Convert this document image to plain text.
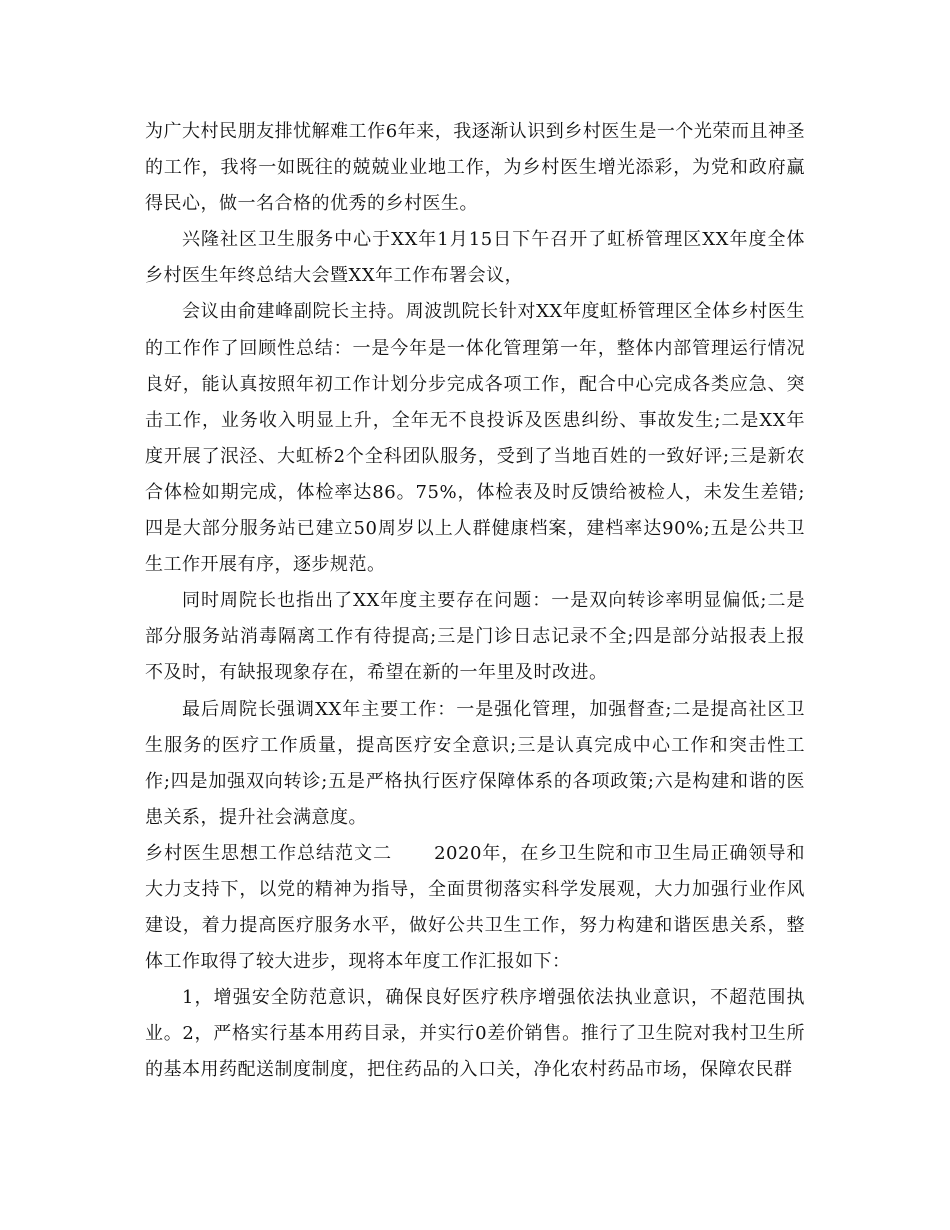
为广大村民朋友排忧解难工作6年来，我逐渐认识到乡村医生是一个光荣而且神圣的工作，我将一如既往的兢兢业业地工作，为乡村医生增光添彩，为党和政府赢得民心，做一名合格的优秀的乡村医生。

兴隆社区卫生服务中心于XX年1月15日下午召开了虹桥管理区XX年度全体乡村医生年终总结大会暨XX年工作布署会议，

会议由俞建峰副院长主持。周波凯院长针对XX年度虹桥管理区全体乡村医生的工作作了回顾性总结：一是今年是一体化管理第一年，整体内部管理运行情况良好，能认真按照年初工作计划分步完成各项工作，配合中心完成各类应急、突击工作，业务收入明显上升，全年无不良投诉及医患纠纷、事故发生;二是XX年度开展了泯泾、大虹桥2个全科团队服务，受到了当地百姓的一致好评;三是新农合体检如期完成，体检率达86。75%，体检表及时反馈给被检人，未发生差错;四是大部分服务站已建立50周岁以上人群健康档案，建档率达90%;五是公共卫生工作开展有序，逐步规范。

同时周院长也指出了XX年度主要存在问题：一是双向转诊率明显偏低;二是部分服务站消毒隔离工作有待提高;三是门诊日志记录不全;四是部分站报表上报不及时，有缺报现象存在，希望在新的一年里及时改进。

最后周院长强调XX年主要工作：一是强化管理，加强督查;二是提高社区卫生服务的医疗工作质量，提高医疗安全意识;三是认真完成中心工作和突击性工作;四是加强双向转诊;五是严格执行医疗保障体系的各项政策;六是构建和谐的医患关系，提升社会满意度。

乡村医生思想工作总结范文二 2020年，在乡卫生院和市卫生局正确领导和大力支持下，以党的精神为指导，全面贯彻落实科学发展观，大力加强行业作风建设，着力提高医疗服务水平，做好公共卫生工作，努力构建和谐医患关系，整体工作取得了较大进步，现将本年度工作汇报如下：

1，增强安全防范意识，确保良好医疗秩序增强依法执业意识，不超范围执业。2，严格实行基本用药目录，并实行0差价销售。推行了卫生院对我村卫生所的基本用药配送制度制度，把住药品的入口关，净化农村药品市场，保障农民群
